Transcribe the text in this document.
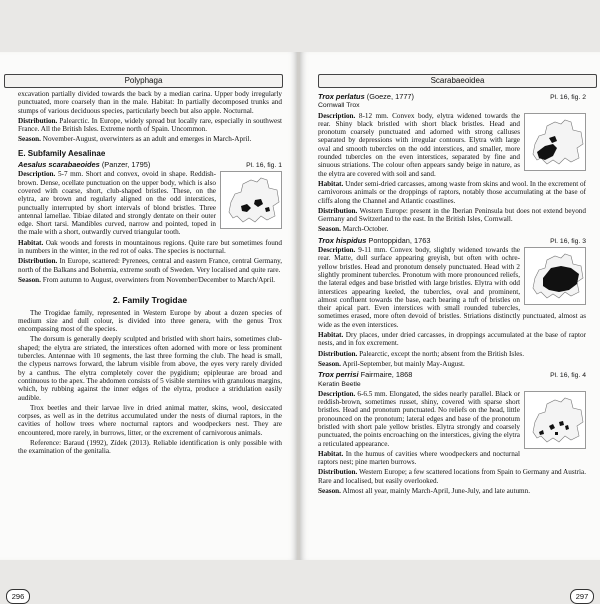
Polyphaga

excavation partially divided towards the back by a median carina. Upper body irregularly punctuated, more coarsely than in the male. Habitat: In partially decomposed trunks and stumps of various deciduous species, particularly beech but also apple. Nocturnal.

Distribution. Palearctic. In Europe, widely spread but locally rare, especially in southwest France. All the British Isles. Extreme north of Spain. Uncommon.

Season. November-August, overwinters as an adult and emerges in March-April.

E. Subfamily Aesalinae
Aesalus scarabaeoides (Panzer, 1795)	Pl. 16, fig. 1

Description. 5-7 mm. Short and convex, ovoid in shape. Reddish-brown. Dense, ocellate punctuation on the upper body, which is also covered with coarse, short, club-shaped bristles. These, on the elytra, are brown and regularly aligned on the odd interstices, punctually interrupted by short intervals of blond bristles. Three antennal lamellae. Tibiae dilated and strongly dentate on their outer edge. Short tarsi. Mandibles curved, narrow and pointed, toped in the male with a short, outwardly curved triangular tooth.

Habitat. Oak woods and forests in mountainous regions. Quite rare but sometimes found in numbers in the winter, in the red rot of oaks. The species is nocturnal.

Distribution. In Europe, scattered: Pyrenees, central and eastern France, central Germany, north of the Balkans and Bohemia, extreme south of Sweden. Very localised and quite rare.

Season. From autumn to August, overwinters from November/December to March/April.

2. Family Trogidae

The Trogidae family, represented in Western Europe by about a dozen species of medium size and dull colour, is divided into three genera, with the genus Trox encompassing most of the species.

The dorsum is generally deeply sculpted and bristled with short hairs, sometimes club-shaped; the elytra are striated, the interstices often adorned with more or less prominent tubercles. Antennae with 10 segments, the last three forming the club. The head is small, the clypeus narrows forward, the labrum visible from above, the eyes very rarely divided by a canthus. The elytra completely cover the pygidium; epipleurae are broad and continuous to the apex. The abdomen consists of 5 visible sternites with granulous margins, which, by rubbing against the inner edges of the elytra, produce a stridulation easily audible.

Trox beetles and their larvae live in dried animal matter, skins, wool, desiccated corpses, as well as in the detritus accumulated under the nests of diurnal raptors, in the cavities of hollow trees where nocturnal raptors and woodpeckers nest. They are encountered, more rarely, in burrows, litter, or the excrement of carnivorous animals.

Reference: Baraud (1992), Zídek (2013). Reliable identification is only possible with the examination of the genitalia.

296
Scarabaeoidea
Trox perlatus (Goeze, 1777)	Pl. 16, fig. 2
Cornwall Trox

Description. 8-12 mm. Convex body, elytra widened towards the rear. Shiny black bristled with short black bristles. Head and pronotum coarsely punctuated and adorned with strong calluses separated by depressions with irregular contours. Elytra with large oval and smooth tubercles on the odd interstices, and smaller, more rounded tubercles on the even interstices, separated by fine and sinuous striations. The colour often appears sandy beige in nature, as the elytra are covered with soil and sand.

Habitat. Under semi-dried carcasses, among waste from skins and wool. In the excrement of carnivorous animals or the droppings of raptors, notably those accumulating at the base of cliffs along the Channel and Atlantic coastlines.

Distribution. Western Europe: present in the Iberian Peninsula but does not extend beyond Germany and Switzerland to the east. In the British Isles, Cornwall.

Season. March-October.

Trox hispidus Pontoppidan, 1763	Pl. 16, fig. 3

Description. 9-11 mm. Convex body, slightly widened towards the rear. Matte, dull surface appearing greyish, but often with ochre-yellow bristles. Head and pronotum densely punctuated. Head with 2 slightly prominent tubercles. Pronotum with more pronounced reliefs, the lateral edges and base bristled with large bristles. Elytra with odd interstices appearing keeled, the tubercles, oval and prominent, almost confluent towards the base, each bearing a tuft of bristles on their apical part. Even interstices with small rounded tubercles, sometimes erased, more often devoid of bristles. Striations distinctly punctuated, almost as wide as the even interstices.

Habitat. Dry places, under dried carcasses, in droppings accumulated at the base of raptor nests, and in fox excrement.

Distribution. Palearctic, except the north; absent from the British Isles.

Season. April-September, but mainly May-August.

Trox perrisi Fairmaire, 1868	Pl. 16, fig. 4
Keratin Beetle

Description. 6-6.5 mm. Elongated, the sides nearly parallel. Black or reddish-brown, sometimes russet, shiny, covered with sparse short bristles. Head and pronotum punctuated. No reliefs on the head, little pronounced on the pronotum; lateral edges and base of the pronotum bristled with short pale yellow bristles. Elytra strongly and coarsely punctuated, the points encroaching on the interstices, giving the elytra a reticulated appearance.

Habitat. In the humus of cavities where woodpeckers and nocturnal raptors nest; pine marten burrows.

Distribution. Western Europe; a few scattered locations from Spain to Germany and Austria. Rare and localised, but easily overlooked.

Season. Almost all year, mainly March-April, June-July, and late autumn.

297
